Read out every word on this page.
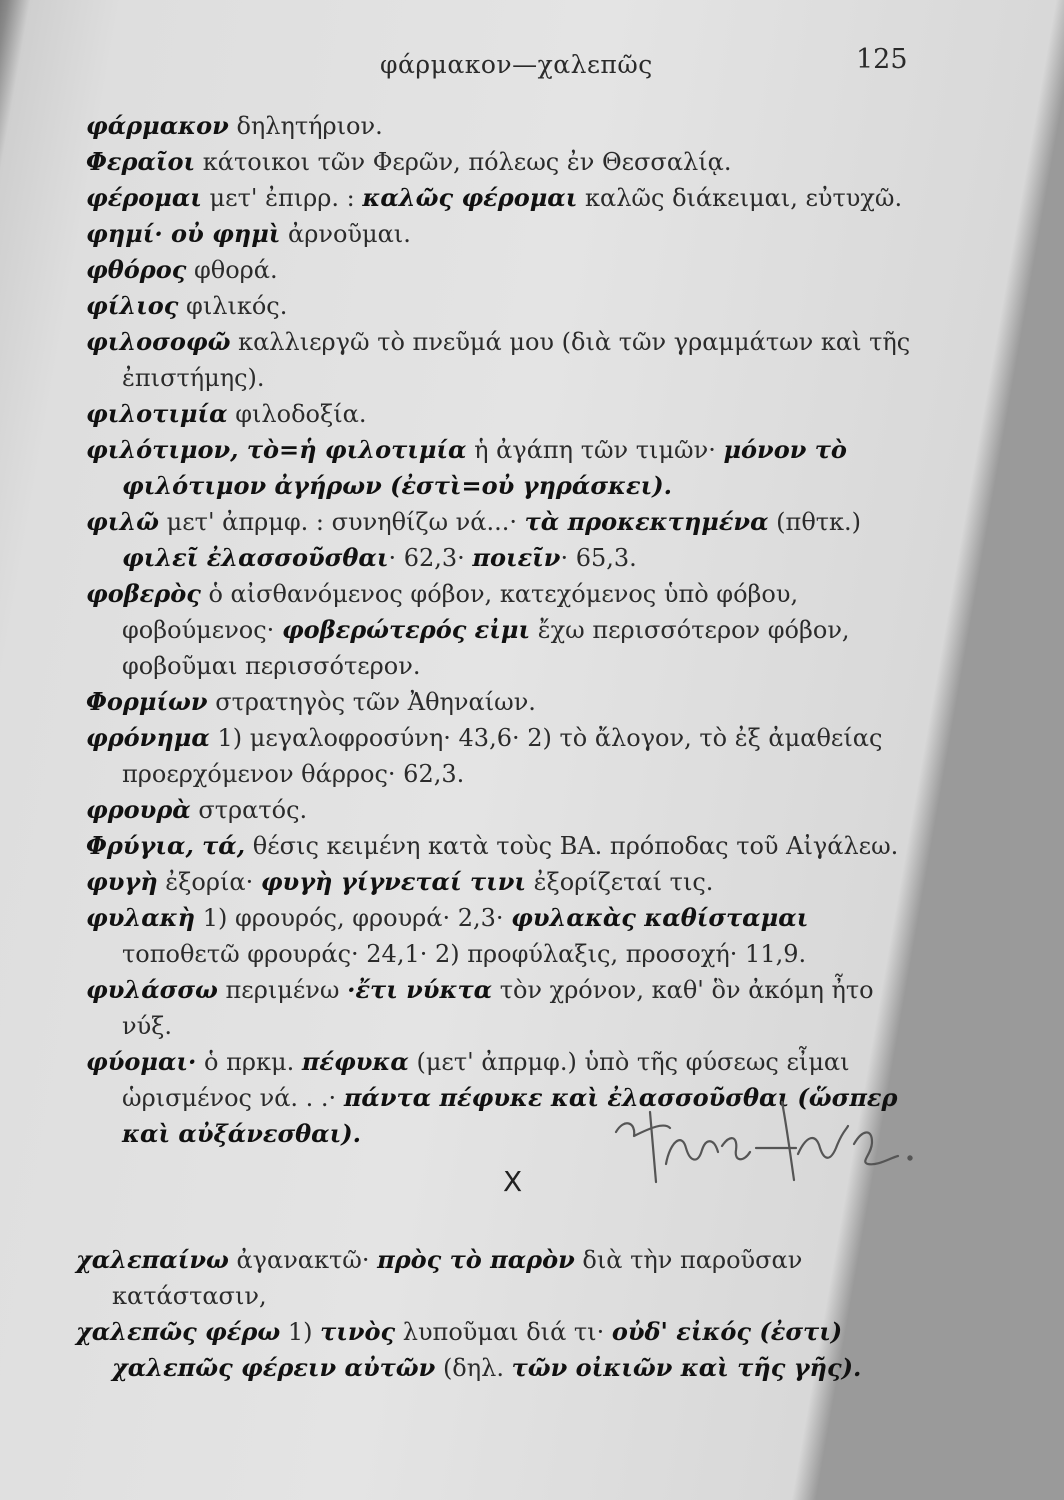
φάρμακον—χαλεπῶς	125

φάρμακον δηλητήριον.

Φεραῖοι κάτοικοι τῶν Φερῶν, πόλεως ἐν Θεσσαλίᾳ.

φέρομαι μετ' ἐπιρρ. : καλῶς φέρομαι καλῶς διάκειμαι, εὐτυχῶ.

φημί· οὐ φημὶ ἀρνοῦμαι.

φθόρος φθορά.

φίλιος φιλικός.

φιλοσοφῶ καλλιεργῶ τὸ πνεῦμά μου (διὰ τῶν γραμμάτων καὶ τῆς ἐπιστήμης).

φιλοτιμία φιλοδοξία.

φιλότιμον, τὸ=ἡ φιλοτιμία ἡ ἀγάπη τῶν τιμῶν· μόνον τὸ φιλότιμον ἀγήρων (ἐστὶ=οὐ γηράσκει).

φιλῶ μετ' ἀπρμφ. : συνηθίζω νά...· τὰ προκεκτημένα (πθτκ.) φιλεῖ ἐλασσοῦσθαι· 62,3· ποιεῖν· 65,3.

φοβερὸς ὁ αἰσθανόμενος φόβον, κατεχόμενος ὑπὸ φόβου, φοβούμενος· φοβερώτερός εἰμι ἔχω περισσότερον φόβον, φοβοῦμαι περισσότερον.

Φορμίων στρατηγὸς τῶν Ἀθηναίων.

φρόνημα 1) μεγαλοφροσύνη· 43,6· 2) τὸ ἄλογον, τὸ ἐξ ἀμαθείας προερχόμενον θάρρος· 62,3.

φρουρὰ στρατός.

Φρύγια, τά, θέσις κειμένη κατὰ τοὺς ΒΑ. πρόποδας τοῦ Αἰγάλεω.

φυγὴ ἐξορία· φυγὴ γίγνεταί τινι ἐξορίζεταί τις.

φυλακὴ 1) φρουρός, φρουρά· 2,3· φυλακὰς καθίσταμαι τοποθετῶ φρουράς· 24,1· 2) προφύλαξις, προσοχή· 11,9.

φυλάσσω περιμένω ·ἔτι νύκτα τὸν χρόνον, καθ' ὃν ἀκόμη ἦτο νύξ.

φύομαι· ὁ πρκμ. πέφυκα (μετ' ἀπρμφ.) ὑπὸ τῆς φύσεως εἶμαι ὡρισμένος νά. . .· πάντα πέφυκε καὶ ἐλασσοῦσθαι (ὥσπερ καὶ αὐξάνεσθαι).

Χ

χαλεπαίνω ἀγανακτῶ· πρὸς τὸ παρὸν διὰ τὴν παροῦσαν κατάστασιν,

χαλεπῶς φέρω 1) τινὸς λυποῦμαι διά τι· οὐδ' εἰκός (ἐστι) χαλεπῶς φέρειν αὐτῶν (δηλ. τῶν οἰκιῶν καὶ τῆς γῆς).
